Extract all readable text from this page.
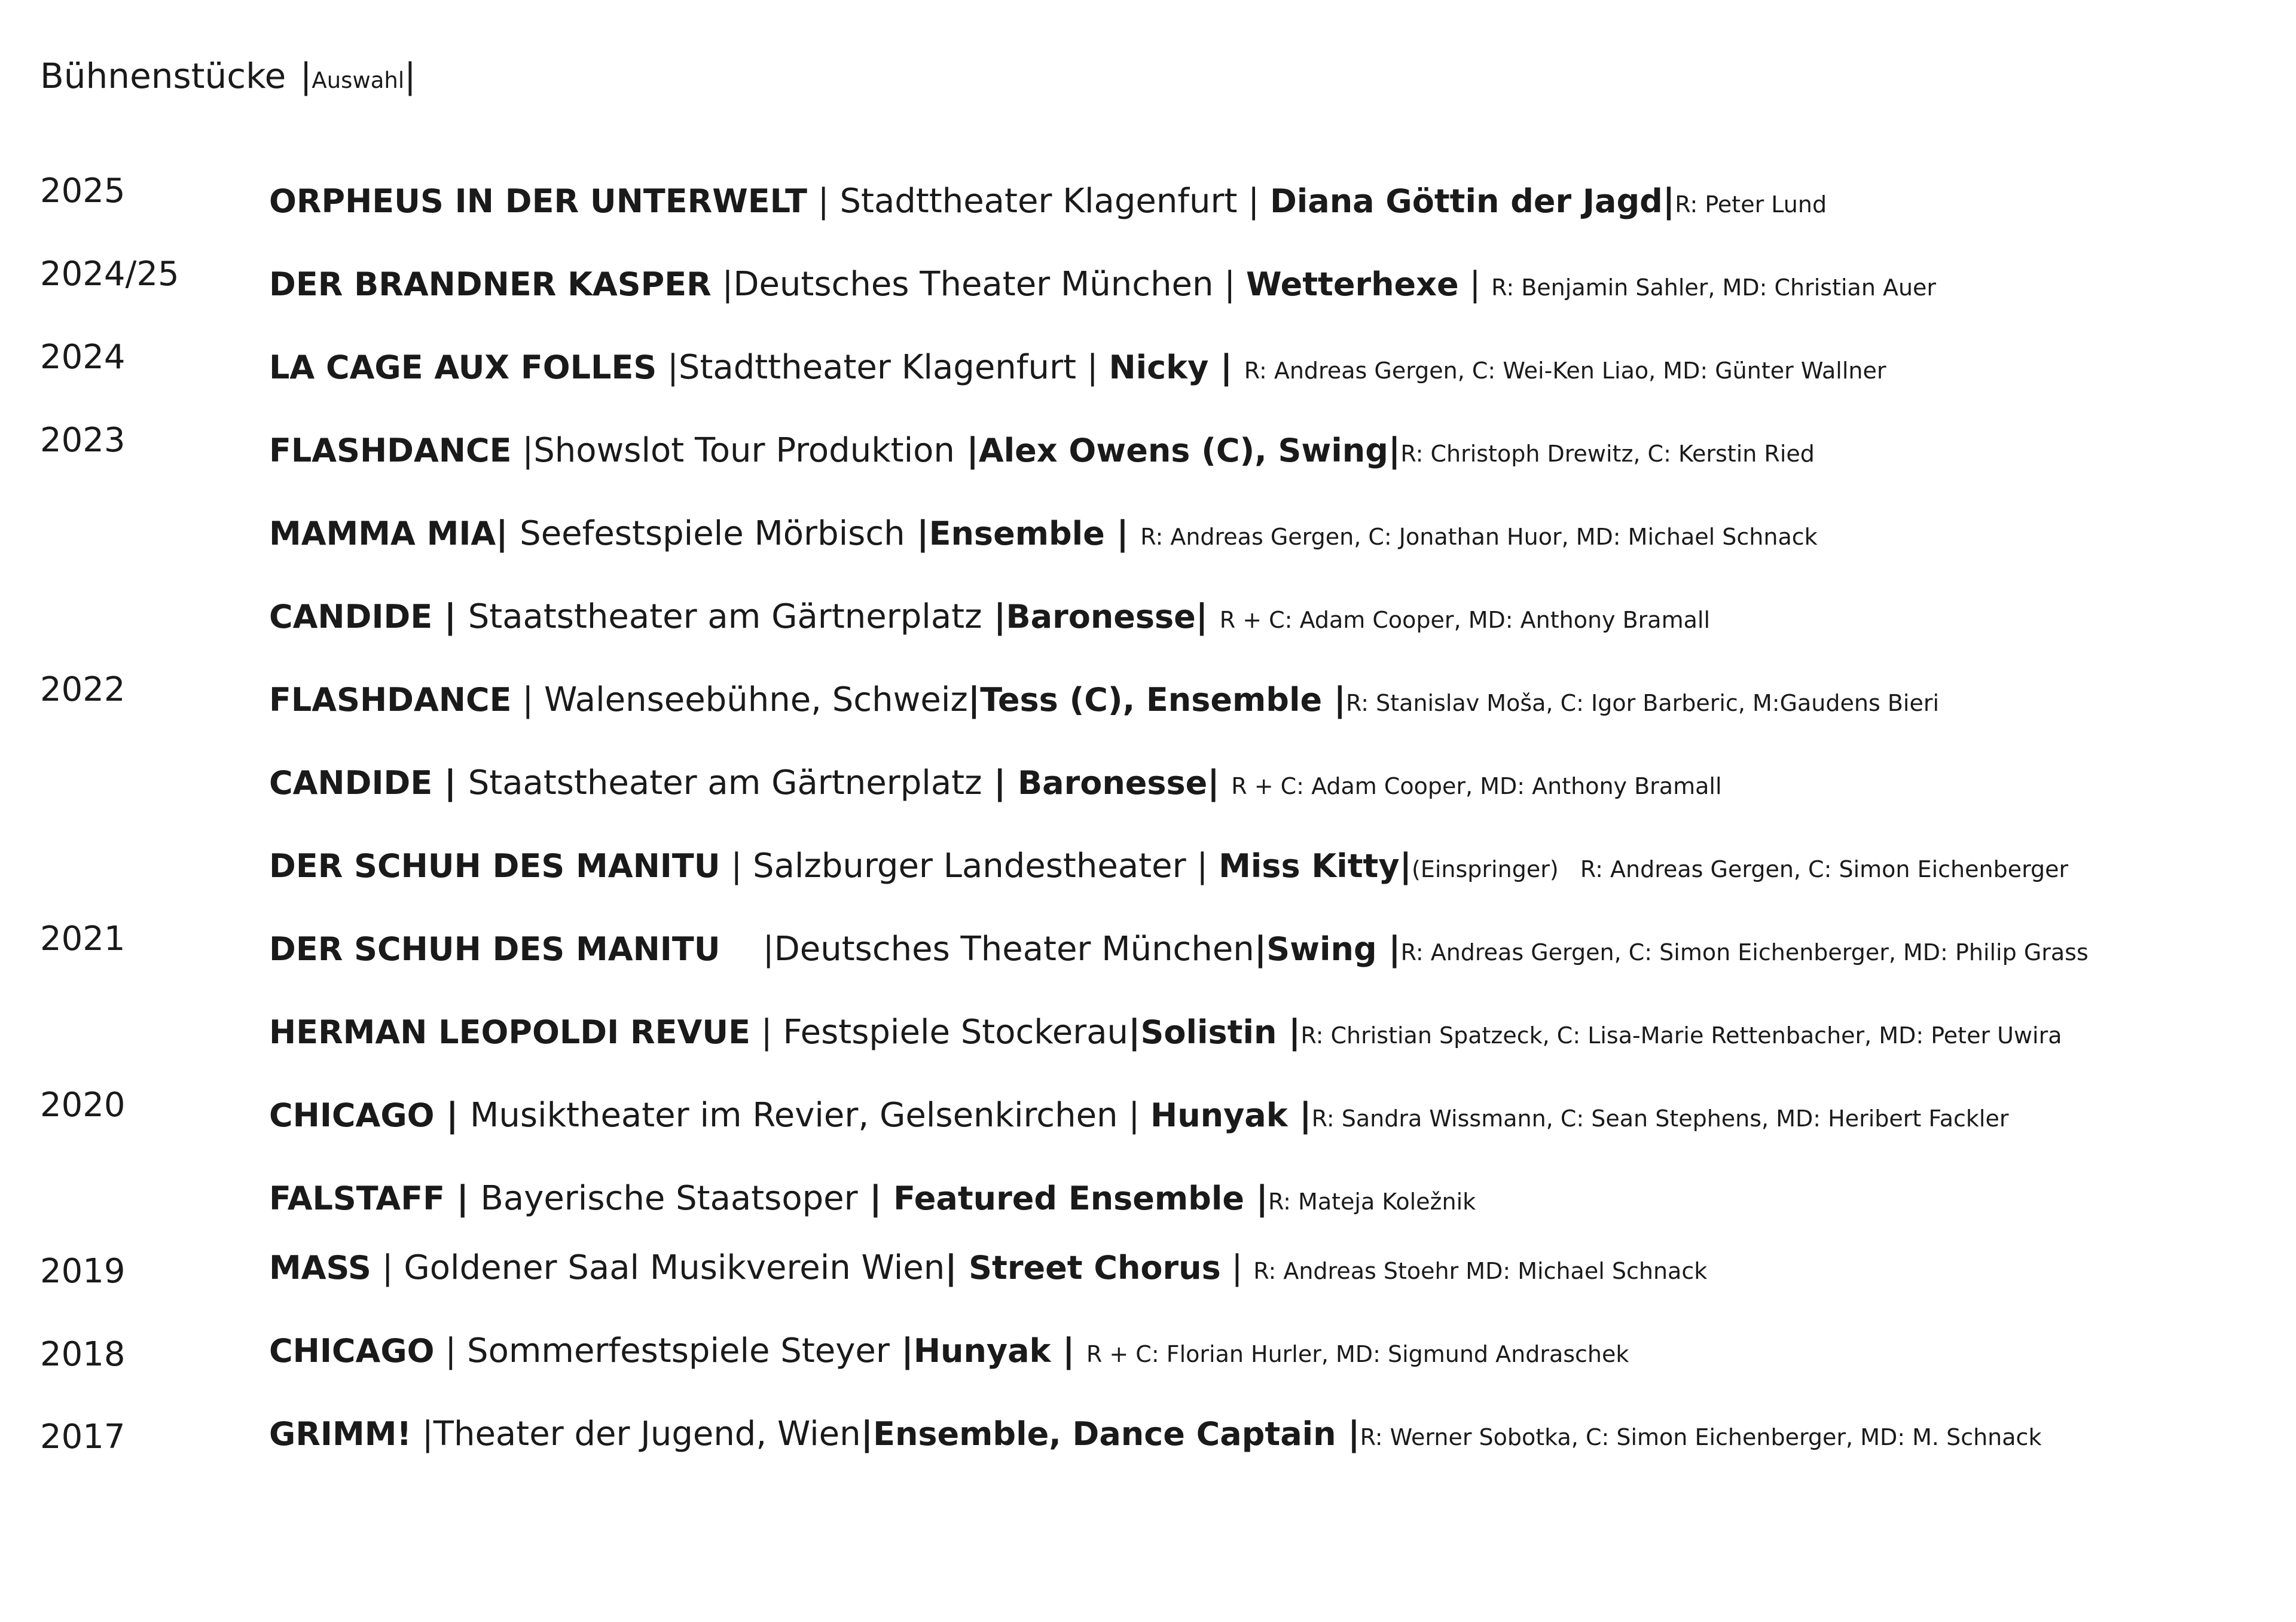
Bühnenstücke  |Auswahl|
2025
2024/25
2024
2023
2022
2021
2020
2019
2018
2017
ORPHEUS IN DER UNTERWELT | Stadttheater Klagenfurt | Diana Göttin der Jagd|R: Peter Lund
DER BRANDNER KASPER |Deutsches Theater München | Wetterhexe | R: Benjamin Sahler, MD: Christian Auer
LA CAGE AUX FOLLES |Stadttheater Klagenfurt | Nicky | R: Andreas Gergen, C: Wei-Ken Liao, MD: Günter Wallner
FLASHDANCE |Showslot Tour Produktion |Alex Owens (C), Swing|R: Christoph Drewitz, C: Kerstin Ried
MAMMA MIA| Seefestspiele Mörbisch |Ensemble | R: Andreas Gergen, C: Jonathan Huor, MD: Michael Schnack
CANDIDE | Staatstheater am Gärtnerplatz |Baronesse| R + C: Adam Cooper, MD: Anthony Bramall
FLASHDANCE | Walenseebühne, Schweiz|Tess (C), Ensemble |R: Stanislav Moša, C: Igor Barberic, M:Gaudens Bieri
CANDIDE | Staatstheater am Gärtnerplatz | Baronesse| R + C: Adam Cooper, MD: Anthony Bramall
DER SCHUH DES MANITU | Salzburger Landestheater | Miss Kitty|(Einspringer) R: Andreas Gergen, C: Simon Eichenberger
DER SCHUH DES MANITU    |Deutsches Theater München|Swing |R: Andreas Gergen, C: Simon Eichenberger, MD: Philip Grass
HERMAN LEOPOLDI REVUE | Festspiele Stockerau|Solistin |R: Christian Spatzeck, C: Lisa-Marie Rettenbacher, MD: Peter Uwira
CHICAGO | Musiktheater im Revier, Gelsenkirchen | Hunyak |R: Sandra Wissmann, C: Sean Stephens, MD: Heribert Fackler
FALSTAFF | Bayerische Staatsoper | Featured Ensemble |R: Mateja Koležnik
MASS | Goldener Saal Musikverein Wien| Street Chorus | R: Andreas Stoehr MD: Michael Schnack
CHICAGO | Sommerfestspiele Steyer |Hunyak | R + C: Florian Hurler, MD: Sigmund Andraschek
GRIMM! |Theater der Jugend, Wien|Ensemble, Dance Captain |R: Werner Sobotka, C: Simon Eichenberger, MD: M. Schnack
